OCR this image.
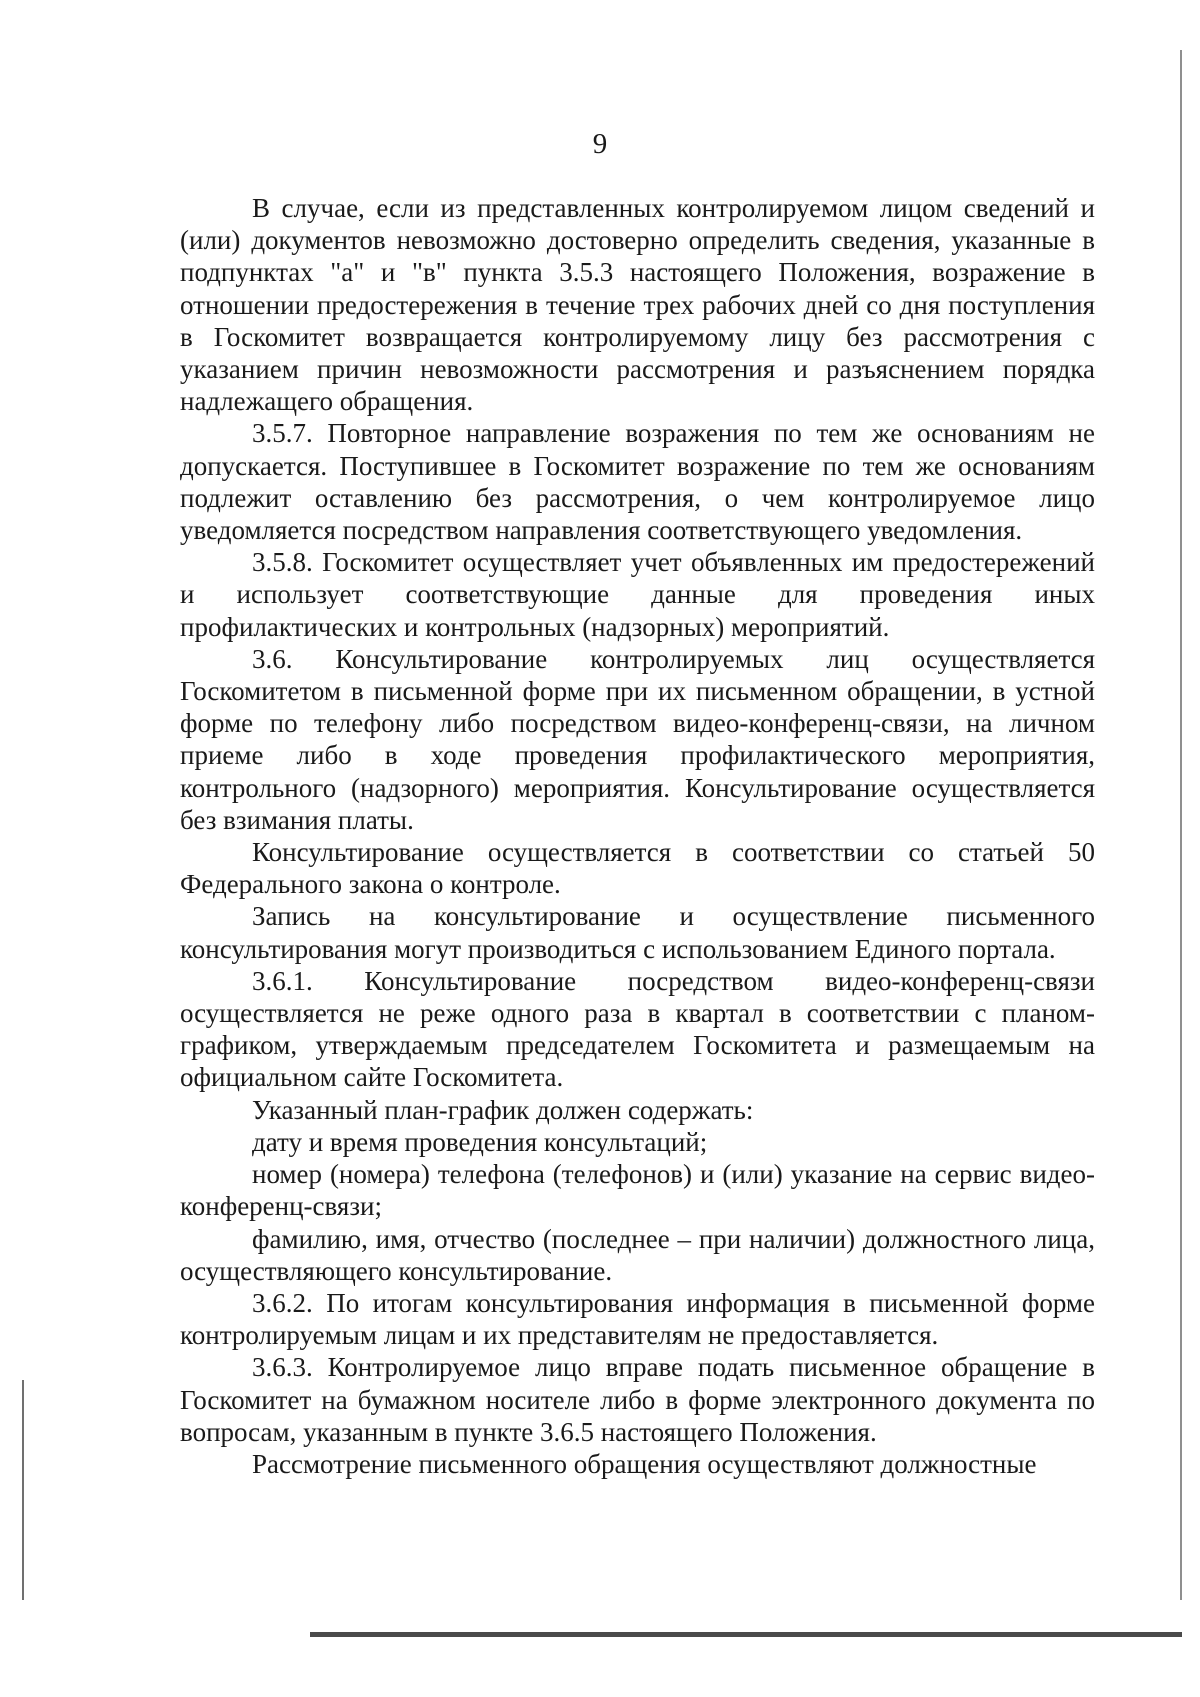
9

В случае, если из представленных контролируемом лицом сведений и (или) документов невозможно достоверно определить сведения, указанные в подпунктах "а" и "в" пункта 3.5.3 настоящего Положения, возражение в отношении предостережения в течение трех рабочих дней со дня поступления в Госкомитет возвращается контролируемому лицу без рассмотрения с указанием причин невозможности рассмотрения и разъяснением порядка надлежащего обращения.

3.5.7. Повторное направление возражения по тем же основаниям не допускается. Поступившее в Госкомитет возражение по тем же основаниям подлежит оставлению без рассмотрения, о чем контролируемое лицо уведомляется посредством направления соответствующего уведомления.

3.5.8. Госкомитет осуществляет учет объявленных им предостережений и использует соответствующие данные для проведения иных профилактических и контрольных (надзорных) мероприятий.

3.6. Консультирование контролируемых лиц осуществляется Госкомитетом в письменной форме при их письменном обращении, в устной форме по телефону либо посредством видео-конференц-связи, на личном приеме либо в ходе проведения профилактического мероприятия, контрольного (надзорного) мероприятия. Консультирование осуществляется без взимания платы.

Консультирование осуществляется в соответствии со статьей 50 Федерального закона о контроле.

Запись на консультирование и осуществление письменного консультирования могут производиться с использованием Единого портала.

3.6.1. Консультирование посредством видео-конференц-связи осуществляется не реже одного раза в квартал в соответствии с планом-графиком, утверждаемым председателем Госкомитета и размещаемым на официальном сайте Госкомитета.

Указанный план-график должен содержать:

дату и время проведения консультаций;

номер (номера) телефона (телефонов) и (или) указание на сервис видео-конференц-связи;

фамилию, имя, отчество (последнее – при наличии) должностного лица, осуществляющего консультирование.

3.6.2. По итогам консультирования информация в письменной форме контролируемым лицам и их представителям не предоставляется.

3.6.3. Контролируемое лицо вправе подать письменное обращение в Госкомитет на бумажном носителе либо в форме электронного документа по вопросам, указанным в пункте 3.6.5 настоящего Положения.

Рассмотрение письменного обращения осуществляют должностные
